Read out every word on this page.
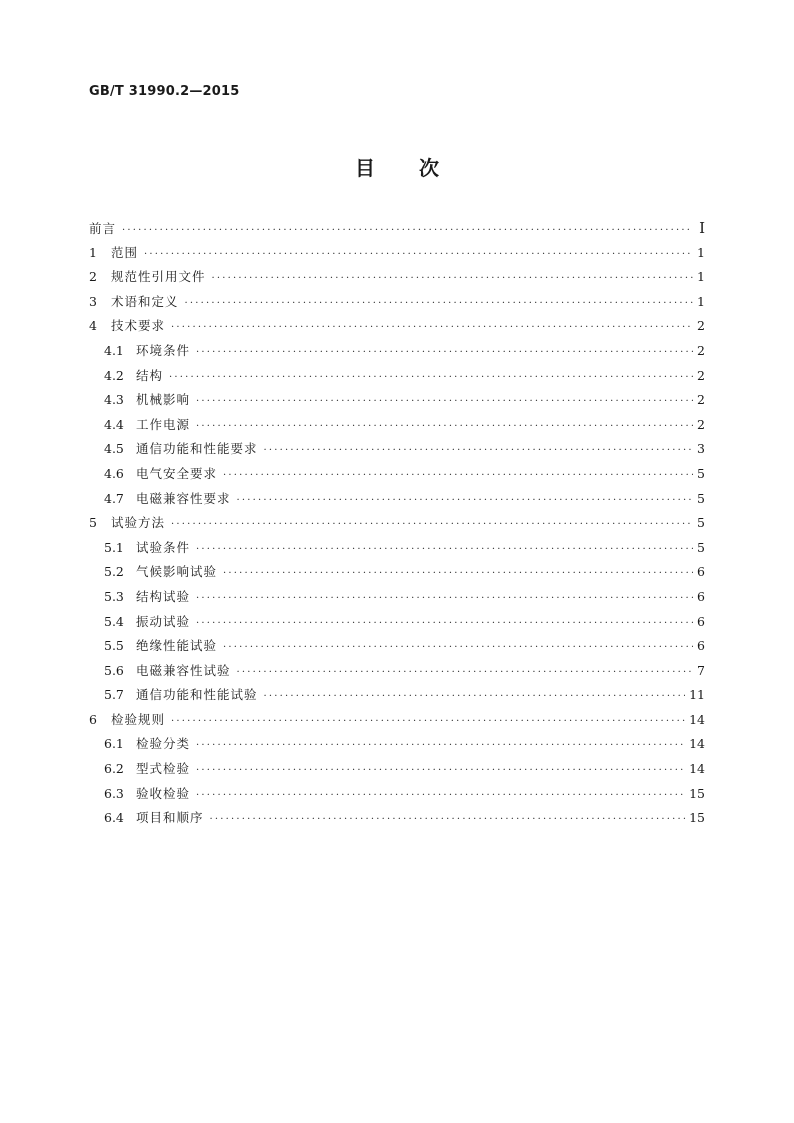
GB/T 31990.2—2015
目 次
前言 ·····	Ⅰ
1	范围 ·····	1
2	规范性引用文件 ·····	1
3	术语和定义 ·····	1
4	技术要求 ·····	2
4.1 环境条件 ·····	2
4.2 结构 ·····	2
4.3 机械影响 ·····	2
4.4 工作电源 ·····	2
4.5 通信功能和性能要求 ·····	3
4.6 电气安全要求 ·····	5
4.7 电磁兼容性要求 ·····	5
5	试验方法 ·····	5
5.1 试验条件 ·····	5
5.2 气候影响试验 ·····	6
5.3 结构试验 ·····	6
5.4 振动试验 ·····	6
5.5 绝缘性能试验 ·····	6
5.6 电磁兼容性试验 ·····	7
5.7 通信功能和性能试验 ·····	11
6	检验规则 ·····	14
6.1 检验分类 ·····	14
6.2 型式检验 ·····	14
6.3 验收检验 ·····	15
6.4 项目和顺序 ·····	15
